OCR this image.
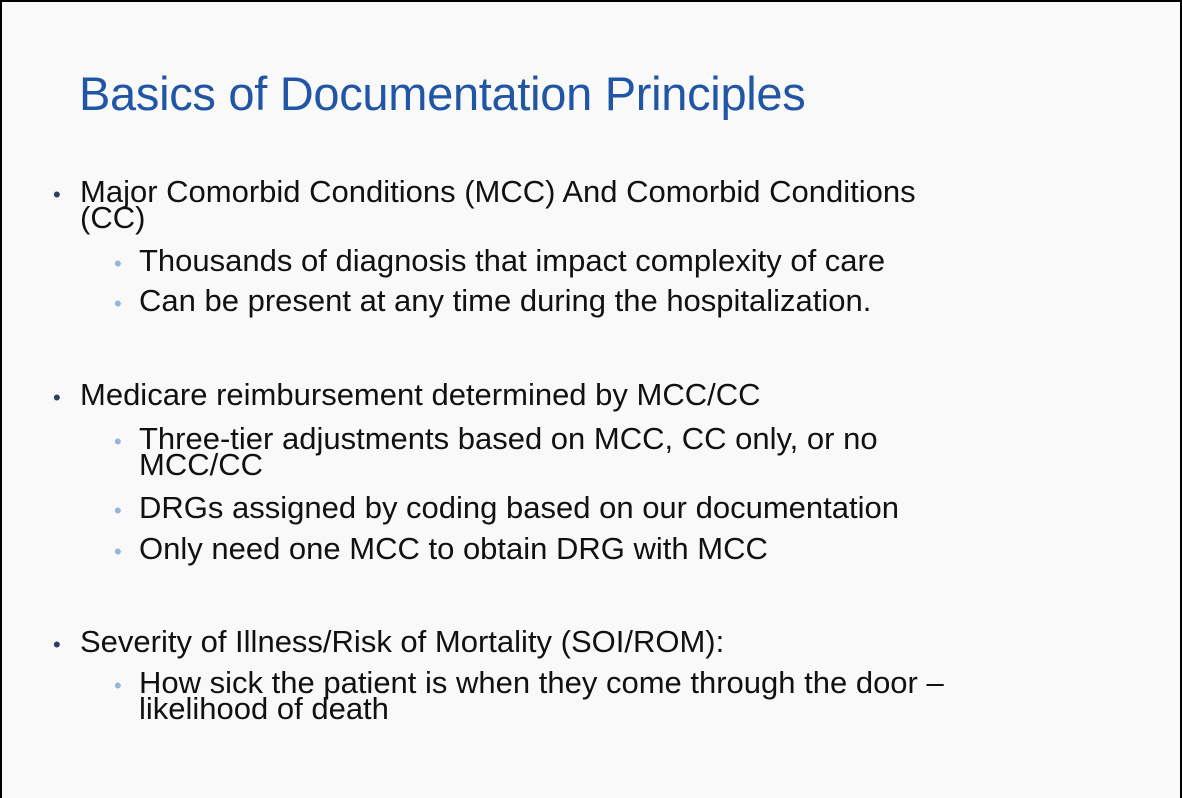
Basics of Documentation Principles
• Major Comorbid Conditions (MCC) And Comorbid Conditions
(CC)
• Thousands of diagnosis that impact complexity of care
• Can be present at any time during the hospitalization.
• Medicare reimbursement determined by MCC/CC
• Three-tier adjustments based on MCC, CC only, or no
MCC/CC
• DRGs assigned by coding based on our documentation
• Only need one MCC to obtain DRG with MCC
• Severity of Illness/Risk of Mortality (SOI/ROM):
• How sick the patient is when they come through the door –
likelihood of death
